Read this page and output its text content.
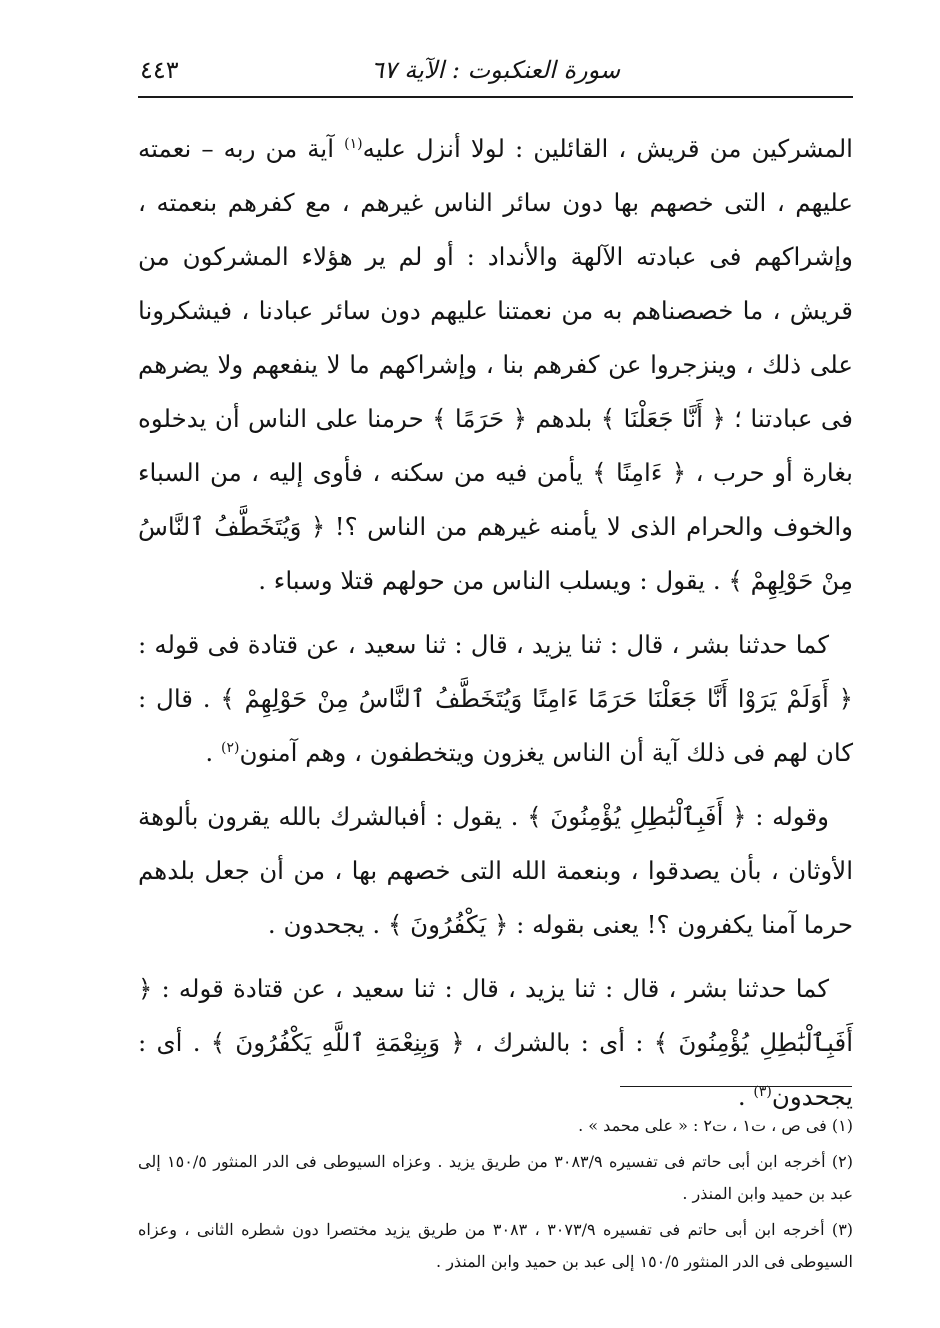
٤٤٣	سورة العنكبوت : الآية ٦٧

المشركين من قريش ، القائلين : لولا أنزل عليه$^{(١)}$ آية من ربه – نعمته عليهم ، التى خصهم بها دون سائر الناس غيرهم ، مع كفرهم بنعمته ، وإشراكهم فى عبادته الآلهة والأنداد : أو لم ير هؤلاء المشركون من قريش ، ما خصصناهم به من نعمتنا عليهم دون سائر عبادنا ، فيشكرونا على ذلك ، وينزجروا عن كفرهم بنا ، وإشراكهم ما لا ينفعهم ولا يضرهم فى عبادتنا ؛ ﴿ أَنَّا جَعَلْنَا ﴾ بلدهم ﴿ حَرَمًا ﴾ حرمنا على الناس أن يدخلوه بغارة أو حرب ، ﴿ ءَامِنًا ﴾ يأمن فيه من سكنه ، فأوى إليه ، من السباء والخوف والحرام الذى لا يأمنه غيرهم من الناس ؟! ﴿ وَيُتَخَطَّفُ ٱلنَّاسُ مِنْ حَوْلِهِمْ ﴾ . يقول : ويسلب الناس من حولهم قتلا وسباء .

كما حدثنا بشر ، قال : ثنا يزيد ، قال : ثنا سعيد ، عن قتادة فى قوله : ﴿ أَوَلَمْ يَرَوْا أَنَّا جَعَلْنَا حَرَمًا ءَامِنًا وَيُتَخَطَّفُ ٱلنَّاسُ مِنْ حَوْلِهِمْ ﴾ . قال : كان لهم فى ذلك آية أن الناس يغزون ويتخطفون ، وهم آمنون$^{(٢)}$ .

وقوله : ﴿ أَفَبِٱلْبَٰطِلِ يُؤْمِنُونَ ﴾ . يقول : أفبالشرك بالله يقرون بألوهة الأوثان ، بأن يصدقوا ، وبنعمة الله التى خصهم بها ، من أن جعل بلدهم حرما آمنا يكفرون ؟! يعنى بقوله : ﴿ يَكْفُرُونَ ﴾ . يجحدون .

كما حدثنا بشر ، قال : ثنا يزيد ، قال : ثنا سعيد ، عن قتادة قوله : ﴿ أَفَبِٱلْبَٰطِلِ يُؤْمِنُونَ ﴾ : أى : بالشرك ، ﴿ وَبِنِعْمَةِ ٱللَّهِ يَكْفُرُونَ ﴾ . أى : يجحدون$^{(٣)}$ .

(١) فى ص ، ت١ ، ت٢ : « على محمد » .

(٢) أخرجه ابن أبى حاتم فى تفسيره ٣٠٨٣/٩ من طريق يزيد . وعزاه السيوطى فى الدر المنثور ١٥٠/٥ إلى عبد بن حميد وابن المنذر .

(٣) أخرجه ابن أبى حاتم فى تفسيره ٣٠٧٣/٩ ، ٣٠٨٣ من طريق يزيد مختصرا دون شطره الثانى ، وعزاه السيوطى فى الدر المنثور ١٥٠/٥ إلى عبد بن حميد وابن المنذر .
